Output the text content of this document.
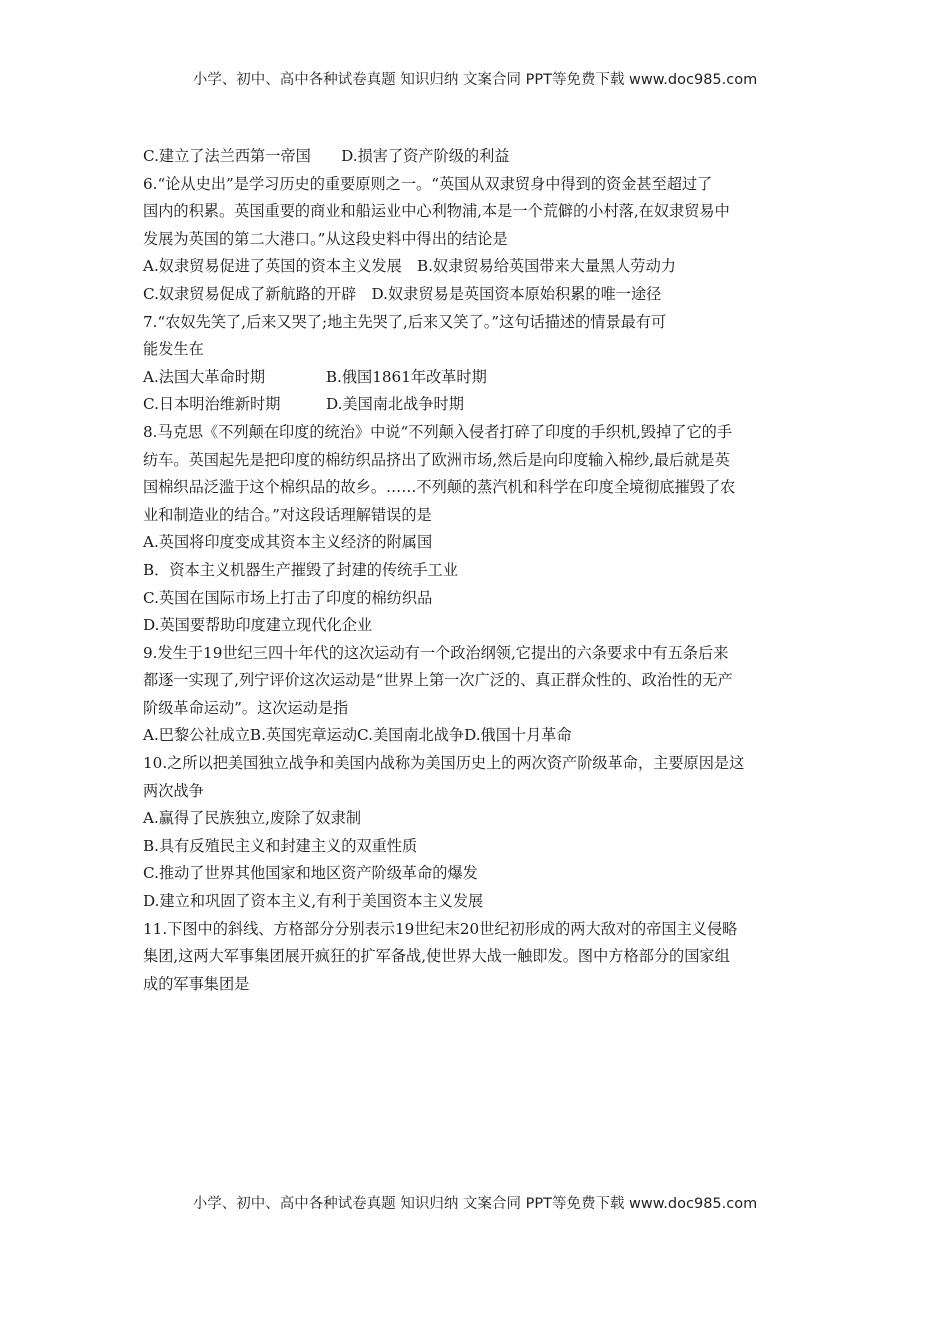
小学、初中、高中各种试卷真题 知识归纳 文案合同 PPT等免费下载 www.doc985.com
C.建立了法兰西第一帝国　　D.损害了资产阶级的利益
6.“论从史出”是学习历史的重要原则之一。“英国从双隶贸身中得到的资金甚至超过了
国内的积累。英国重要的商业和船运业中心利物浦,本是一个荒僻的小村落,在奴隶贸易中
发展为英国的第二大港口。”从这段史料中得出的结论是
A.奴隶贸易促进了英国的资本主义发展　B.奴隶贸易给英国带来大量黑人劳动力
C.奴隶贸易促成了新航路的开辟　D.奴隶贸易是英国资本原始积累的唯一途径
7.“农奴先笑了,后来又哭了;地主先哭了,后来又笑了。”这句话描述的情景最有可
能发生在
A.法国大革命时期　　　　B.俄国1861年改革时期
C.日本明治维新时期　　　D.美国南北战争时期
8.马克思《不列颠在印度的统治》中说“不列颠入侵者打碎了印度的手织机,毁掉了它的手
纺车。英国起先是把印度的棉纺织品挤出了欧洲市场,然后是向印度输入棉纱,最后就是英
国棉织品泛滥于这个棉织品的故乡。……不列颠的蒸汽机和科学在印度全境彻底摧毁了农
业和制造业的结合。”对这段话理解错误的是
A.英国将印度变成其资本主义经济的附属国
B．资本主义机器生产摧毁了封建的传统手工业
C.英国在国际市场上打击了印度的棉纺织品
D.英国要帮助印度建立现代化企业
9.发生于19世纪三四十年代的这次运动有一个政治纲领,它提出的六条要求中有五条后来
都逐一实现了,列宁评价这次运动是“世界上第一次广泛的、真正群众性的、政治性的无产
阶级革命运动”。这次运动是指
A.巴黎公社成立B.英国宪章运动C.美国南北战争D.俄国十月革命
10.之所以把美国独立战争和美国内战称为美国历史上的两次资产阶级革命，主要原因是这
两次战争
A.赢得了民族独立,废除了奴隶制
B.具有反殖民主义和封建主义的双重性质
C.推动了世界其他国家和地区资产阶级革命的爆发
D.建立和巩固了资本主义,有利于美国资本主义发展
11.下图中的斜线、方格部分分别表示19世纪末20世纪初形成的两大敌对的帝国主义侵略
集团,这两大军事集团展开疯狂的扩军备战,使世界大战一触即发。图中方格部分的国家组
成的军事集团是
小学、初中、高中各种试卷真题 知识归纳 文案合同 PPT等免费下载 www.doc985.com
